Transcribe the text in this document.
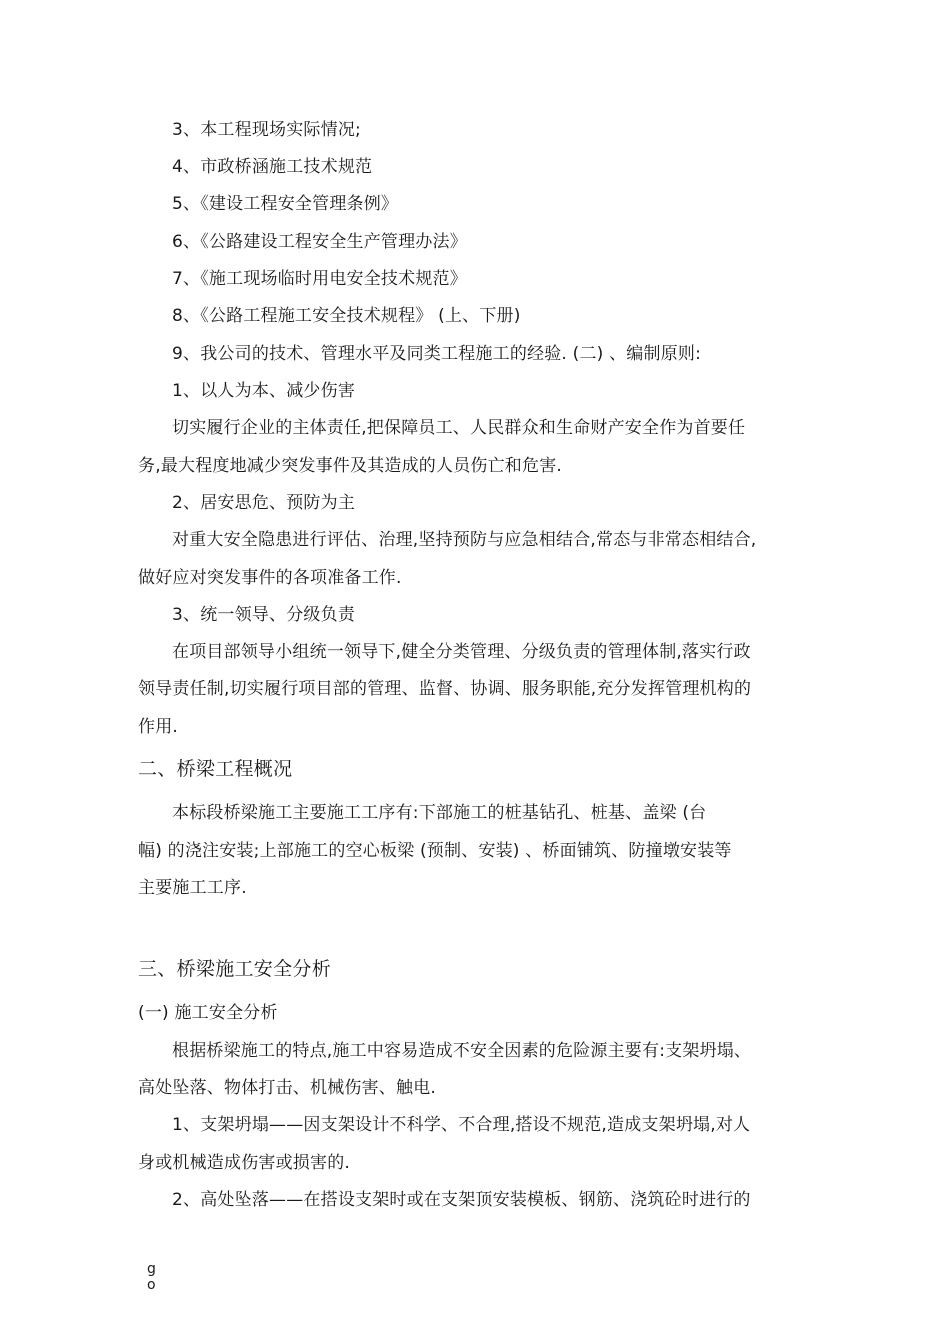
3、本工程现场实际情况;
4、市政桥涵施工技术规范
5、《建设工程安全管理条例》
6、《公路建设工程安全生产管理办法》
7、《施工现场临时用电安全技术规范》
8、《公路工程施工安全技术规程》 (上、下册)
9、我公司的技术、管理水平及同类工程施工的经验. (二) 、编制原则:
1、以人为本、减少伤害
切实履行企业的主体责任,把保障员工、人民群众和生命财产安全作为首要任
务,最大程度地减少突发事件及其造成的人员伤亡和危害.
2、居安思危、预防为主
对重大安全隐患进行评估、治理,坚持预防与应急相结合,常态与非常态相结合,
做好应对突发事件的各项准备工作.
3、统一领导、分级负责
在项目部领导小组统一领导下,健全分类管理、分级负责的管理体制,落实行政
领导责任制,切实履行项目部的管理、监督、协调、服务职能,充分发挥管理机构的
作用.
二、桥梁工程概况
本标段桥梁施工主要施工工序有:下部施工的桩基钻孔、桩基、盖梁 (台
幅) 的浇注安装;上部施工的空心板梁 (预制、安装) 、桥面铺筑、防撞墩安装等
主要施工工序.
三、桥梁施工安全分析
(一) 施工安全分析
根据桥梁施工的特点,施工中容易造成不安全因素的危险源主要有:支架坍塌、
高处坠落、物体打击、机械伤害、触电.
1、支架坍塌——因支架设计不科学、不合理,搭设不规范,造成支架坍塌,对人
身或机械造成伤害或损害的.
2、高处坠落——在搭设支架时或在支架顶安装模板、钢筋、浇筑砼时进行的
g
o
